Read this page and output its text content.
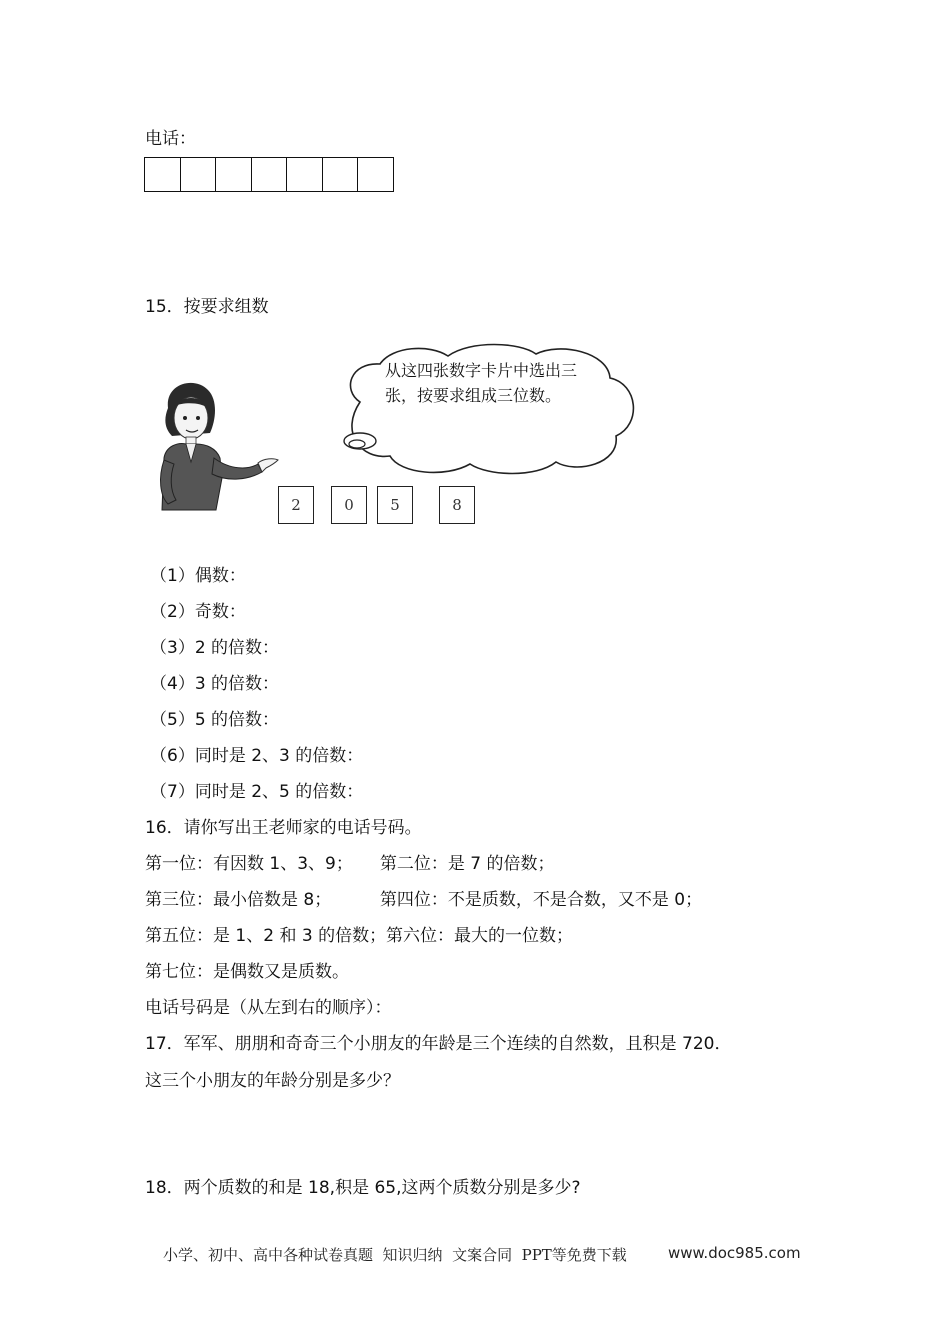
电话：
15．按要求组数
从这四张数字卡片中选出三张，按要求组成三位数。
2	0	5	8
（1）偶数：
（2）奇数：
（3）2 的倍数：
（4）3 的倍数：
（5）5 的倍数：
（6）同时是 2、3 的倍数：
（7）同时是 2、5 的倍数：
16．请你写出王老师家的电话号码。
第一位：有因数 1、3、9；     第二位：是 7 的倍数；
第三位：最小倍数是 8；         第四位：不是质数，不是合数，又不是 0；
第五位：是 1、2 和 3 的倍数；第六位：最大的一位数；
第七位：是偶数又是质数。
电话号码是（从左到右的顺序）：
17．军军、朋朋和奇奇三个小朋友的年龄是三个连续的自然数，且积是 720．
这三个小朋友的年龄分别是多少？
18．两个质数的和是 18,积是 65,这两个质数分别是多少?
小学、初中、高中各种试卷真题  知识归纳  文案合同  PPT等免费下载	www.doc985.com
